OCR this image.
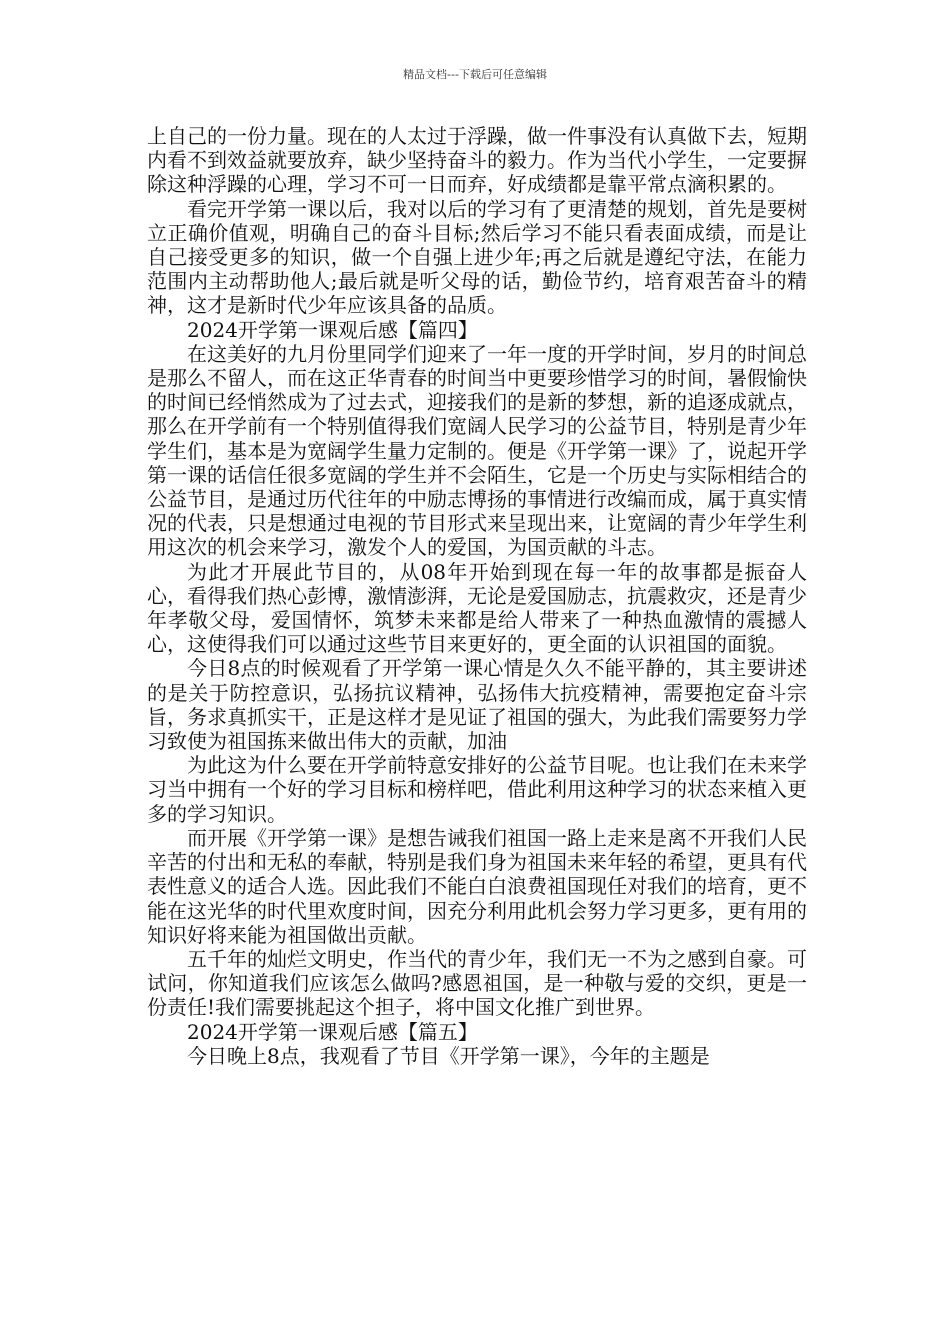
精品文档---下载后可任意编辑

上自己的一份力量。现在的人太过于浮躁，做一件事没有认真做下去，短期内看不到效益就要放弃，缺少坚持奋斗的毅力。作为当代小学生，一定要摒除这种浮躁的心理，学习不可一日而弃，好成绩都是靠平常点滴积累的。

看完开学第一课以后，我对以后的学习有了更清楚的规划，首先是要树立正确价值观，明确自己的奋斗目标;然后学习不能只看表面成绩，而是让自己接受更多的知识，做一个自强上进少年;再之后就是遵纪守法，在能力范围内主动帮助他人;最后就是听父母的话，勤俭节约，培育艰苦奋斗的精神，这才是新时代少年应该具备的品质。

2024开学第一课观后感【篇四】

在这美好的九月份里同学们迎来了一年一度的开学时间，岁月的时间总是那么不留人，而在这正华青春的时间当中更要珍惜学习的时间，暑假愉快的时间已经悄然成为了过去式，迎接我们的是新的梦想，新的追逐成就点，那么在开学前有一个特别值得我们宽阔人民学习的公益节目，特别是青少年学生们，基本是为宽阔学生量力定制的。便是《开学第一课》了，说起开学第一课的话信任很多宽阔的学生并不会陌生，它是一个历史与实际相结合的公益节目，是通过历代往年的中励志博扬的事情进行改编而成，属于真实情况的代表，只是想通过电视的节目形式来呈现出来，让宽阔的青少年学生利用这次的机会来学习，激发个人的爱国，为国贡献的斗志。

为此才开展此节目的，从08年开始到现在每一年的故事都是振奋人心，看得我们热心彭博，激情澎湃，无论是爱国励志，抗震救灾，还是青少年孝敬父母，爱国情怀，筑梦未来都是给人带来了一种热血激情的震撼人心，这使得我们可以通过这些节目来更好的，更全面的认识祖国的面貌。

今日8点的时候观看了开学第一课心情是久久不能平静的，其主要讲述的是关于防控意识，弘扬抗议精神，弘扬伟大抗疫精神，需要抱定奋斗宗旨，务求真抓实干，正是这样才是见证了祖国的强大，为此我们需要努力学习致使为祖国拣来做出伟大的贡献，加油

为此这为什么要在开学前特意安排好的公益节目呢。也让我们在未来学习当中拥有一个好的学习目标和榜样吧，借此利用这种学习的状态来植入更多的学习知识。

而开展《开学第一课》是想告诫我们祖国一路上走来是离不开我们人民辛苦的付出和无私的奉献，特别是我们身为祖国未来年轻的希望，更具有代表性意义的适合人选。因此我们不能白白浪费祖国现任对我们的培育，更不能在这光华的时代里欢度时间，因充分利用此机会努力学习更多，更有用的知识好将来能为祖国做出贡献。

五千年的灿烂文明史，作当代的青少年，我们无一不为之感到自豪。可试问，你知道我们应该怎么做吗?感恩祖国，是一种敬与爱的交织，更是一份责任!我们需要挑起这个担子，将中国文化推广到世界。

2024开学第一课观后感【篇五】

今日晚上8点，我观看了节目《开学第一课》，今年的主题是
